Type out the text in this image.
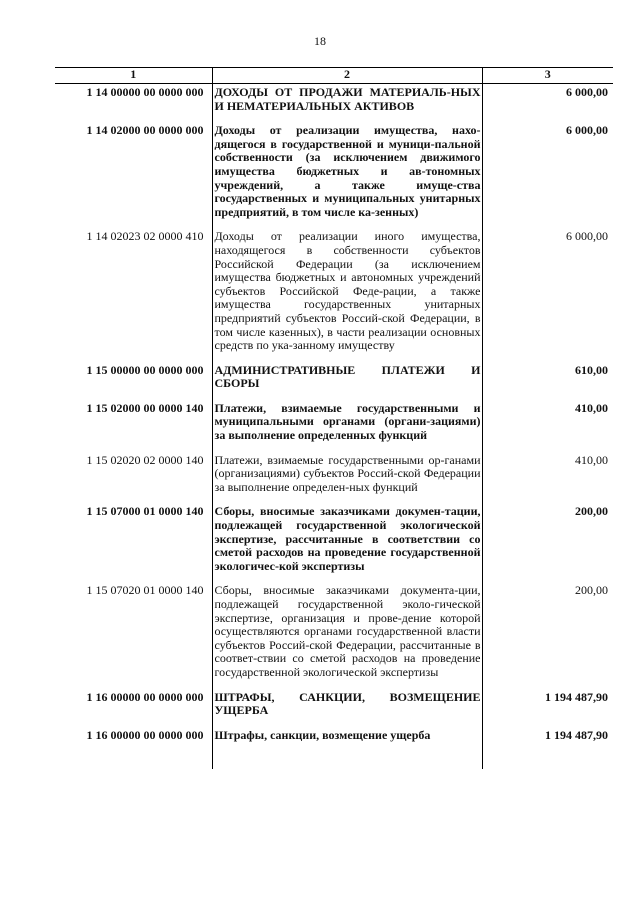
18
1	2	3
1 14 00000 00 0000 000	ДОХОДЫ ОТ ПРОДАЖИ МАТЕРИАЛЬ-НЫХ И НЕМАТЕРИАЛЬНЫХ АКТИВОВ	6 000,00
1 14 02000 00 0000 000	Доходы от реализации имущества, нахо-дящегося в государственной и муници-пальной собственности (за исключением движимого имущества бюджетных и ав-тономных учреждений, а также имуще-ства государственных и муниципальных унитарных предприятий, в том числе ка-зенных)	6 000,00
1 14 02023 02 0000 410	Доходы от реализации иного имущества, находящегося в собственности субъектов Российской Федерации (за исключением имущества бюджетных и автономных учреждений субъектов Российской Феде-рации, а также имущества государственных унитарных предприятий субъектов Россий-ской Федерации, в том числе казенных), в части реализации основных средств по ука-занному имуществу	6 000,00
1 15 00000 00 0000 000	АДМИНИСТРАТИВНЫЕ ПЛАТЕЖИ И СБОРЫ	610,00
1 15 02000 00 0000 140	Платежи, взимаемые государственными и муниципальными органами (органи-зациями) за выполнение определенных функций	410,00
1 15 02020 02 0000 140	Платежи, взимаемые государственными ор-ганами (организациями) субъектов Россий-ской Федерации за выполнение определен-ных функций	410,00
1 15 07000 01 0000 140	Сборы, вносимые заказчиками докумен-тации, подлежащей государственной экологической экспертизе, рассчитанные в соответствии со сметой расходов на проведение государственной экологичес-кой экспертизы	200,00
1 15 07020 01 0000 140	Сборы, вносимые заказчиками документа-ции, подлежащей государственной эколо-гической экспертизе, организация и прове-дение которой осуществляются органами государственной власти субъектов Россий-ской Федерации, рассчитанные в соответ-ствии со сметой расходов на проведение государственной экологической экспертизы	200,00
1 16 00000 00 0000 000	ШТРАФЫ, САНКЦИИ, ВОЗМЕЩЕНИЕ УЩЕРБА	1 194 487,90
1 16 00000 00 0000 000	Штрафы, санкции, возмещение ущерба	1 194 487,90
